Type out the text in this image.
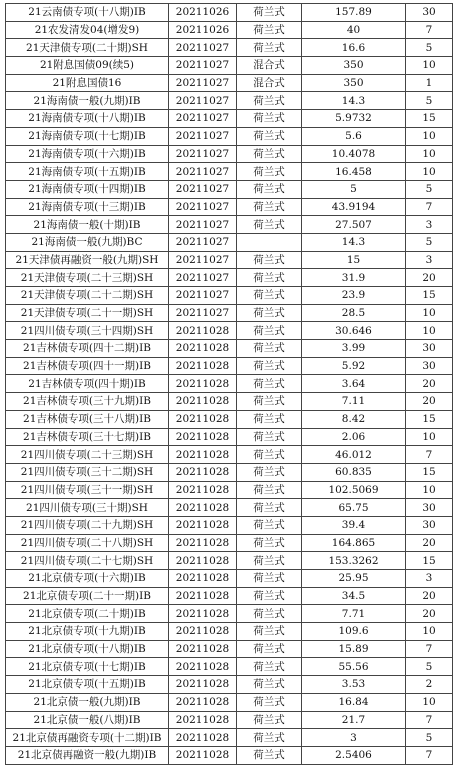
21云南债专项(十八期)IB	20211026	荷兰式	157.89	30
21农发清发04(增发9)	20211026	荷兰式	40	7
21天津债专项(二十期)SH	20211027	荷兰式	16.6	5
21附息国债09(续5)	20211027	混合式	350	10
21附息国债16	20211027	混合式	350	1
21海南债一般(九期)IB	20211027	荷兰式	14.3	5
21海南债专项(十八期)IB	20211027	荷兰式	5.9732	15
21海南债专项(十七期)IB	20211027	荷兰式	5.6	10
21海南债专项(十六期)IB	20211027	荷兰式	10.4078	10
21海南债专项(十五期)IB	20211027	荷兰式	16.458	10
21海南债专项(十四期)IB	20211027	荷兰式	5	5
21海南债专项(十三期)IB	20211027	荷兰式	43.9194	7
21海南债一般(十期)IB	20211027	荷兰式	27.507	3
21海南债一般(九期)BC	20211027		14.3	5
21天津债再融资一般(九期)SH	20211027	荷兰式	15	3
21天津债专项(二十三期)SH	20211027	荷兰式	31.9	20
21天津债专项(二十二期)SH	20211027	荷兰式	23.9	15
21天津债专项(二十一期)SH	20211027	荷兰式	28.5	10
21四川债专项(三十四期)SH	20211028	荷兰式	30.646	10
21吉林债专项(四十二期)IB	20211028	荷兰式	3.99	30
21吉林债专项(四十一期)IB	20211028	荷兰式	5.92	30
21吉林债专项(四十期)IB	20211028	荷兰式	3.64	20
21吉林债专项(三十九期)IB	20211028	荷兰式	7.11	20
21吉林债专项(三十八期)IB	20211028	荷兰式	8.42	15
21吉林债专项(三十七期)IB	20211028	荷兰式	2.06	10
21四川债专项(二十三期)SH	20211028	荷兰式	46.012	7
21四川债专项(三十二期)SH	20211028	荷兰式	60.835	15
21四川债专项(三十一期)SH	20211028	荷兰式	102.5069	10
21四川债专项(三十期)SH	20211028	荷兰式	65.75	30
21四川债专项(二十九期)SH	20211028	荷兰式	39.4	30
21四川债专项(二十八期)SH	20211028	荷兰式	164.865	20
21四川债专项(二十七期)SH	20211028	荷兰式	153.3262	15
21北京债专项(十六期)IB	20211028	荷兰式	25.95	3
21北京债专项(二十一期)IB	20211028	荷兰式	34.5	20
21北京债专项(二十期)IB	20211028	荷兰式	7.71	20
21北京债专项(十九期)IB	20211028	荷兰式	109.6	10
21北京债专项(十八期)IB	20211028	荷兰式	15.89	7
21北京债专项(十七期)IB	20211028	荷兰式	55.56	5
21北京债专项(十五期)IB	20211028	荷兰式	3.53	2
21北京债一般(九期)IB	20211028	荷兰式	16.84	10
21北京债一般(八期)IB	20211028	荷兰式	21.7	7
21北京债再融资专项(十二期)IB	20211028	荷兰式	3	5
21北京债再融资一般(九期)IB	20211028	荷兰式	2.5406	7
